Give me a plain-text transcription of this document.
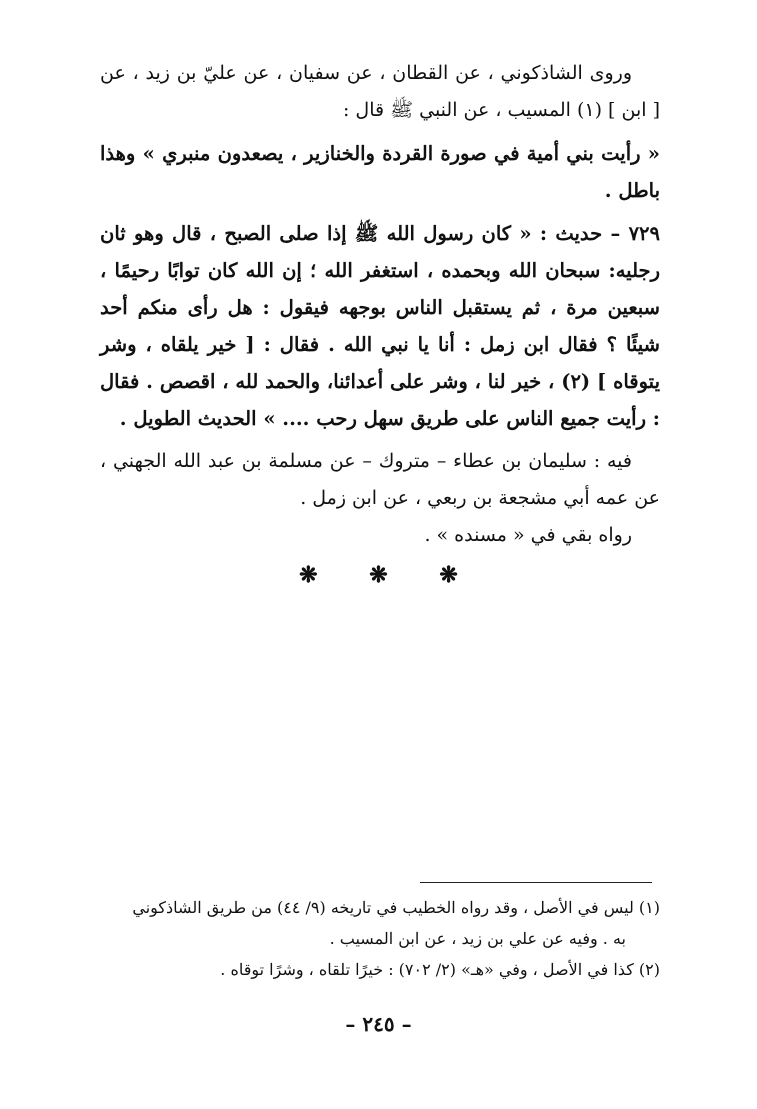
وروى الشاذكوني ، عن القطان ، عن سفيان ، عن عليّ بن زيد ، عن [ ابن ] (١) المسيب ، عن النبي ﷺ قال :

« رأيت بني أمية في صورة القردة والخنازير ، يصعدون منبري » وهذا باطل .

٧٢٩ – حديث : « كان رسول الله ﷺ إذا صلى الصبح ، قال وهو ثان رجليه: سبحان الله وبحمده ، استغفر الله ؛ إن الله كان توابًا رحيمًا ، سبعين مرة ، ثم يستقبل الناس بوجهه فيقول : هل رأى منكم أحد شيئًا ؟ فقال ابن زمل : أنا يا نبي الله . فقال : [ خير يلقاه ، وشر يتوقاه ] (٢) ، خير لنا ، وشر على أعدائنا، والحمد لله ، اقصص . فقال : رأيت جميع الناس على طريق سهل رحب .... » الحديث الطويل .

فيه : سليمان بن عطاء – متروك – عن مسلمة بن عبد الله الجهني ، عن عمه أبي مشجعة بن ربعي ، عن ابن زمل .

رواه بقي في « مسنده » .

❋ ❋ ❋

(١) ليس في الأصل ، وقد رواه الخطيب في تاريخه (٩/ ٤٤) من طريق الشاذكوني

به . وفيه عن علي بن زيد ، عن ابن المسيب .

(٢) كذا في الأصل ، وفي «هـ» (٢/ ٧٠٢) : خيرًا تلقاه ، وشرًا توقاه .

– ٢٤٥ –
